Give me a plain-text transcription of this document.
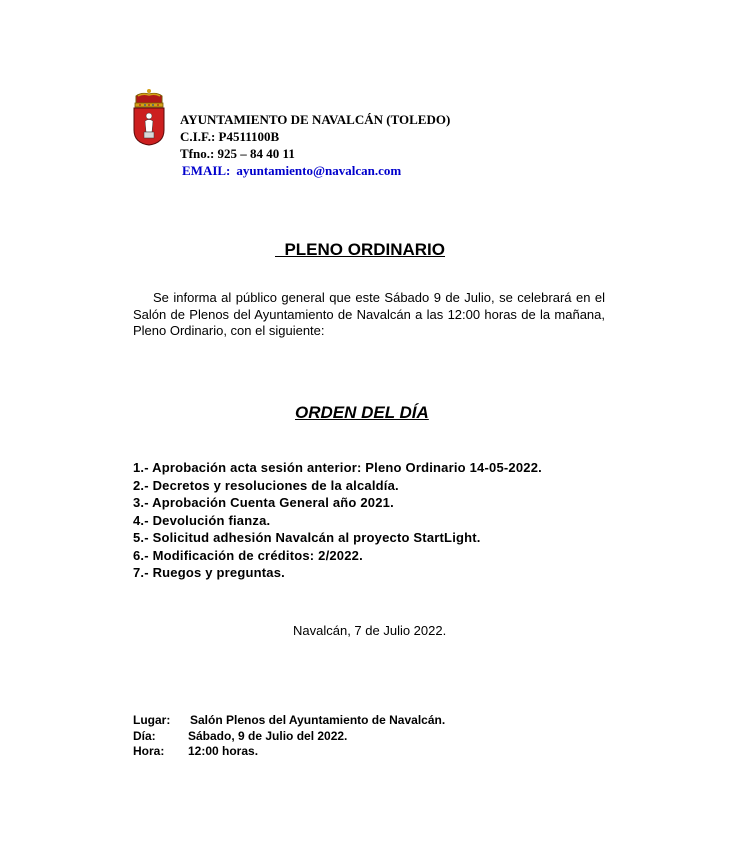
AYUNTAMIENTO DE NAVALCÁN (TOLEDO)
C.I.F.: P4511100B
Tfno.: 925 – 84 40 11
EMAIL: ayuntamiento@navalcan.com
PLENO ORDINARIO
Se informa al público general que este Sábado 9 de Julio, se celebrará en el Salón de Plenos del Ayuntamiento de Navalcán a las 12:00 horas de la mañana, Pleno Ordinario, con el siguiente:
ORDEN DEL DÍA
1.- Aprobación acta sesión anterior: Pleno Ordinario 14-05-2022.
2.- Decretos y resoluciones de la alcaldía.
3.- Aprobación Cuenta General año 2021.
4.- Devolución fianza.
5.- Solicitud adhesión Navalcán al proyecto StartLight.
6.- Modificación de créditos: 2/2022.
7.- Ruegos y preguntas.
Navalcán, 7 de Julio 2022.
Lugar: Salón Plenos del Ayuntamiento de Navalcán.
Día:	Sábado, 9 de Julio del 2022.
Hora: 12:00 horas.
